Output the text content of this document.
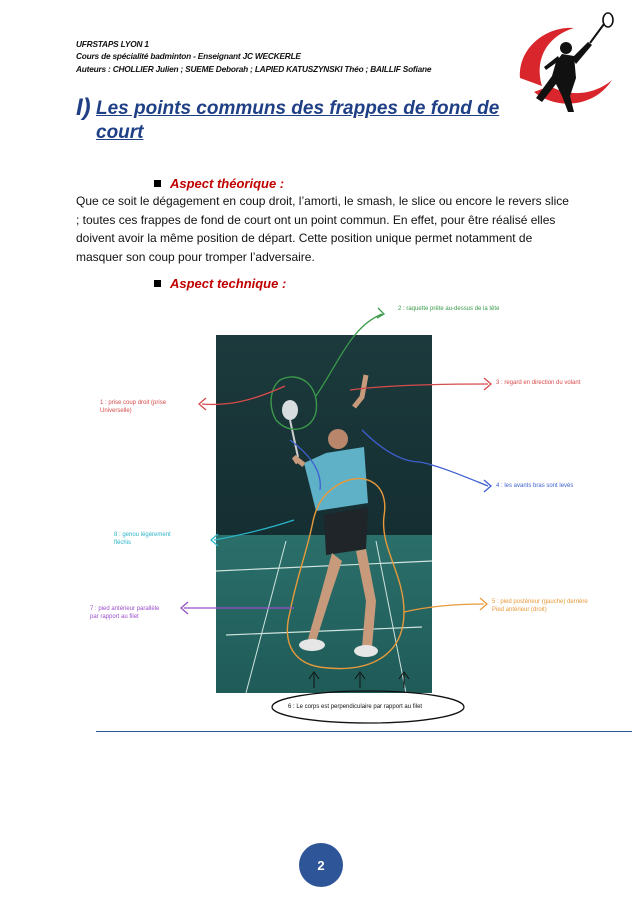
UFRSTAPS LYON 1
Cours de spécialité badminton - Enseignant JC WECKERLE
Auteurs : CHOLLIER Julien ; SUEME Deborah ; LAPIED KATUSZYNSKI Théo ; BAILLIF Sofiane
I) Les points communs des frappes de fond de court
Aspect théorique :
Que ce soit le dégagement en coup droit, l’amorti, le smash, le slice ou encore le revers slice ; toutes ces frappes de fond de court ont un point commun. En effet, pour être réalisé elles doivent avoir la même position de départ. Cette position unique permet notamment de masquer son coup pour tromper l’adversaire.
Aspect technique :
2 : raquette prête au-dessus de la tête
1 : prise coup droit (prise
Universelle)
3 : regard en direction du volant
4 : les avants bras sont levés
8 : genou légèrement
fléchis
5 : pied postérieur (gauche) derrière
Pied antérieur (droit)
7 : pied antérieur parallèle
par rapport au filet
6 : Le corps est perpendiculaire par rapport au filet
2
